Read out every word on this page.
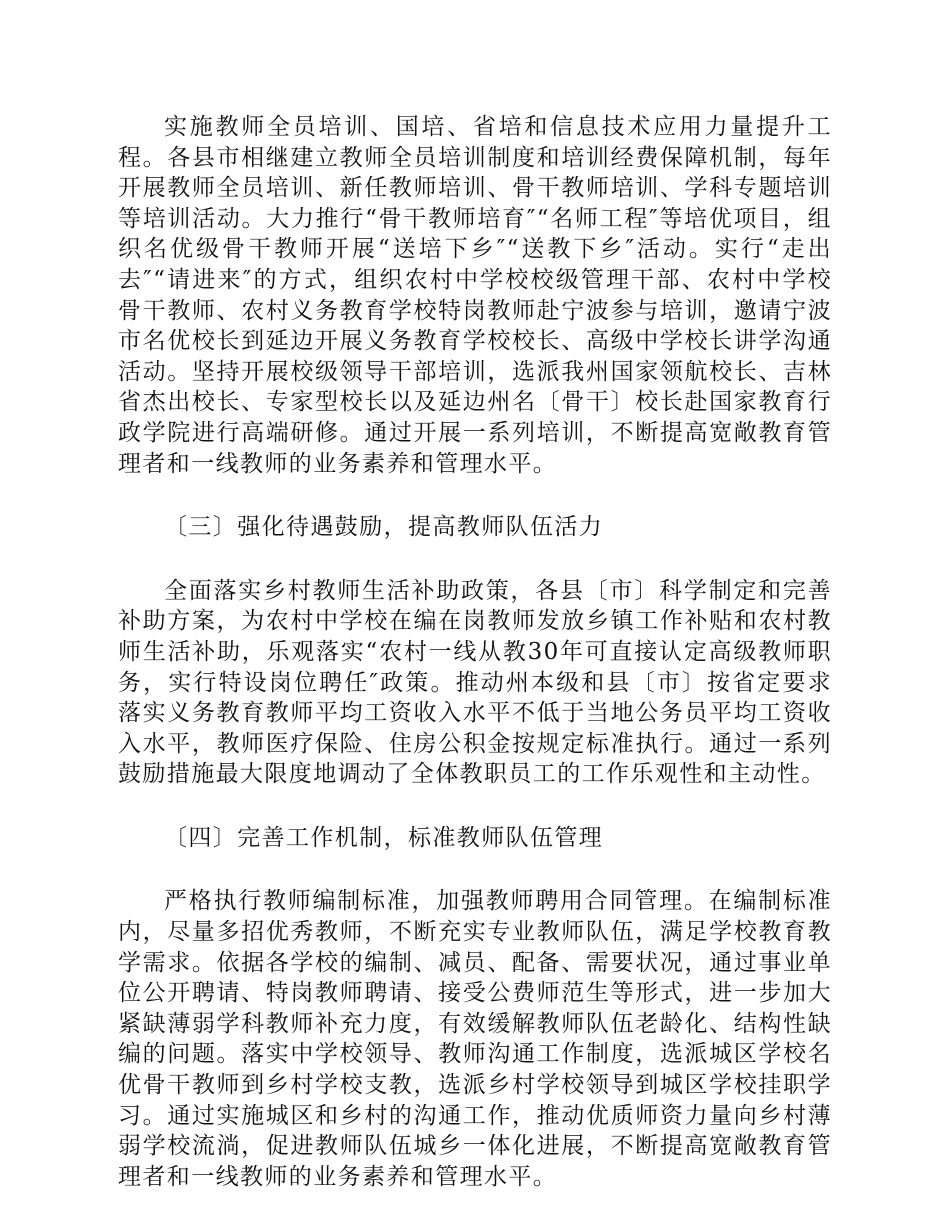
实施教师全员培训、国培、省培和信息技术应用力量提升工程。各县市相继建立教师全员培训制度和培训经费保障机制，每年开展教师全员培训、新任教师培训、骨干教师培训、学科专题培训等培训活动。大力推行“骨干教师培育″“名师工程″等培优项目，组织名优级骨干教师开展“送培下乡″“送教下乡″活动。实行“走出去″“请进来″的方式，组织农村中学校校级管理干部、农村中学校骨干教师、农村义务教育学校特岗教师赴宁波参与培训，邀请宁波市名优校长到延边开展义务教育学校校长、高级中学校长讲学沟通活动。坚持开展校级领导干部培训，选派我州国家领航校长、吉林省杰出校长、专家型校长以及延边州名〔骨干〕校长赴国家教育行政学院进行高端研修。通过开展一系列培训，不断提高宽敞教育管理者和一线教师的业务素养和管理水平。

〔三〕强化待遇鼓励，提高教师队伍活力

全面落实乡村教师生活补助政策，各县〔市〕科学制定和完善补助方案，为农村中学校在编在岗教师发放乡镇工作补贴和农村教师生活补助，乐观落实“农村一线从教30年可直接认定高级教师职务，实行特设岗位聘任″政策。推动州本级和县〔市〕按省定要求落实义务教育教师平均工资收入水平不低于当地公务员平均工资收入水平，教师医疗保险、住房公积金按规定标准执行。通过一系列鼓励措施最大限度地调动了全体教职员工的工作乐观性和主动性。

〔四〕完善工作机制，标准教师队伍管理

严格执行教师编制标准，加强教师聘用合同管理。在编制标准内，尽量多招优秀教师，不断充实专业教师队伍，满足学校教育教学需求。依据各学校的编制、减员、配备、需要状况，通过事业单位公开聘请、特岗教师聘请、接受公费师范生等形式，进一步加大紧缺薄弱学科教师补充力度，有效缓解教师队伍老龄化、结构性缺编的问题。落实中学校领导、教师沟通工作制度，选派城区学校名优骨干教师到乡村学校支教，选派乡村学校领导到城区学校挂职学习。通过实施城区和乡村的沟通工作，推动优质师资力量向乡村薄弱学校流淌，促进教师队伍城乡一体化进展，不断提高宽敞教育管理者和一线教师的业务素养和管理水平。
